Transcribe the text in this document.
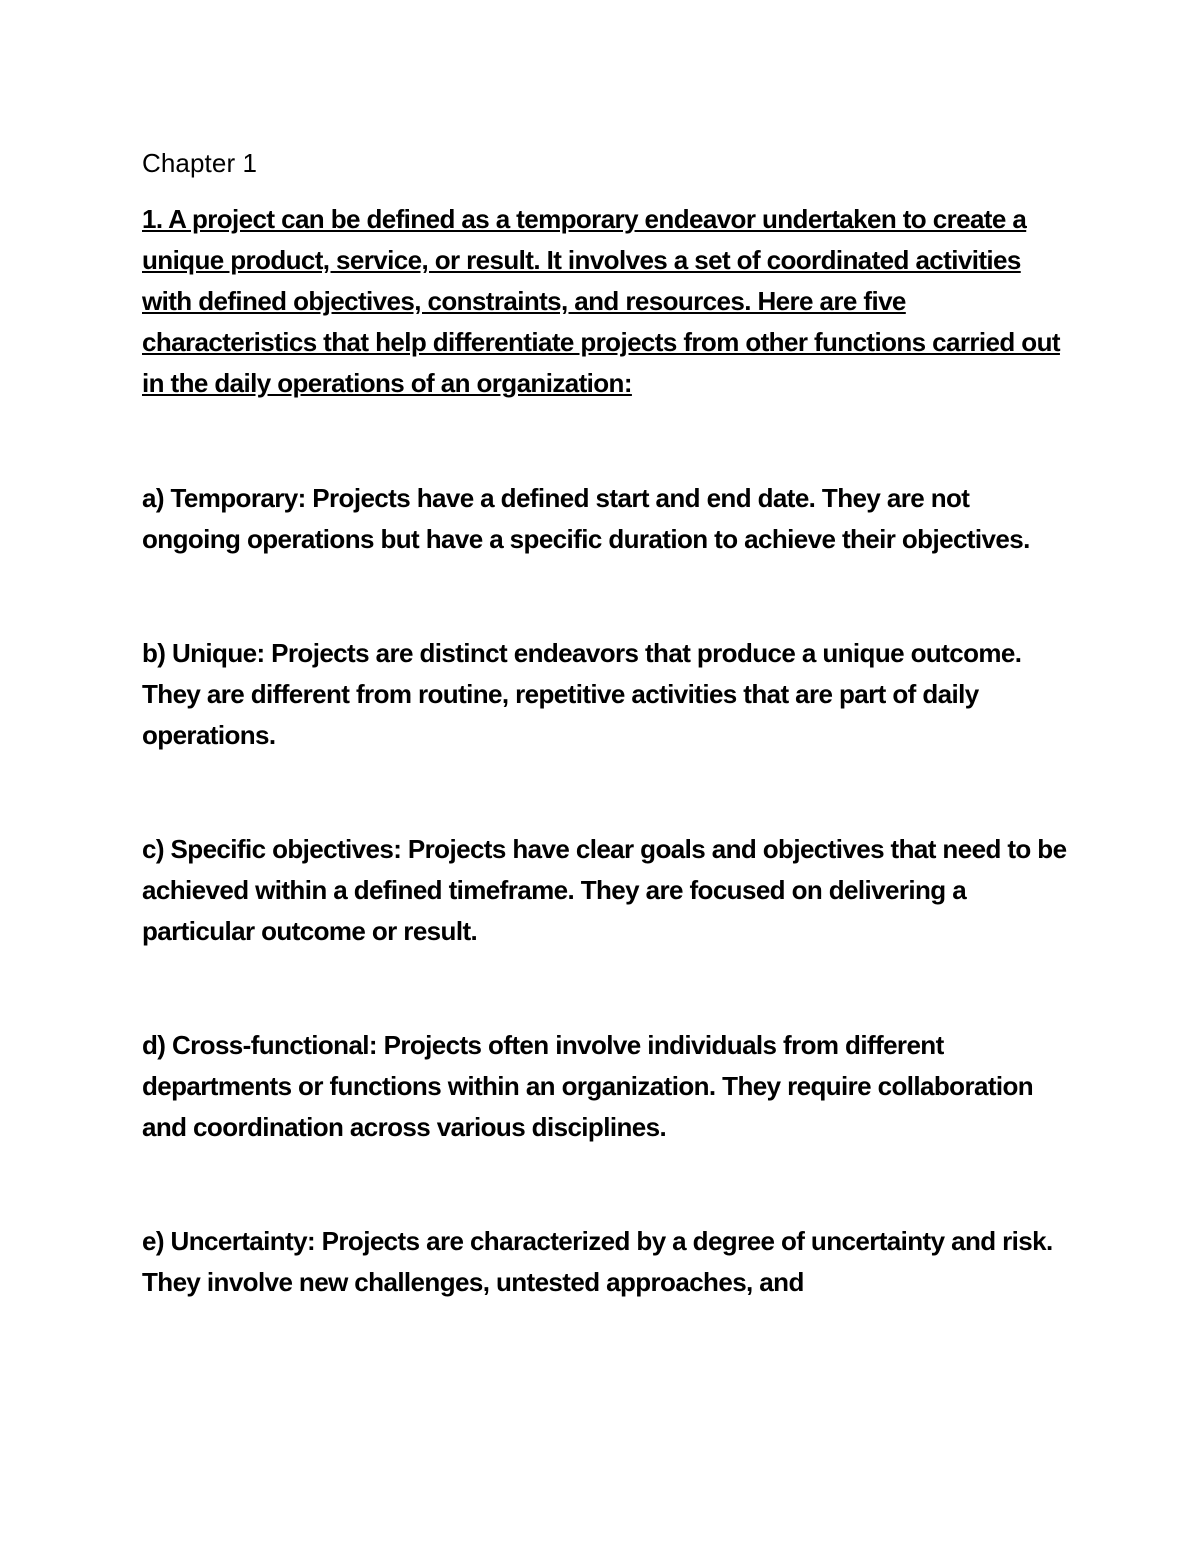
Chapter 1

1. A project can be defined as a temporary endeavor undertaken to create a unique product, service, or result. It involves a set of coordinated activities with defined objectives, constraints, and resources. Here are five characteristics that help differentiate projects from other functions carried out in the daily operations of an organization:

a) Temporary: Projects have a defined start and end date. They are not ongoing operations but have a specific duration to achieve their objectives.

b) Unique: Projects are distinct endeavors that produce a unique outcome. They are different from routine, repetitive activities that are part of daily operations.

c) Specific objectives: Projects have clear goals and objectives that need to be achieved within a defined timeframe. They are focused on delivering a particular outcome or result.

d) Cross-functional: Projects often involve individuals from different departments or functions within an organization. They require collaboration and coordination across various disciplines.

e) Uncertainty: Projects are characterized by a degree of uncertainty and risk. They involve new challenges, untested approaches, and
